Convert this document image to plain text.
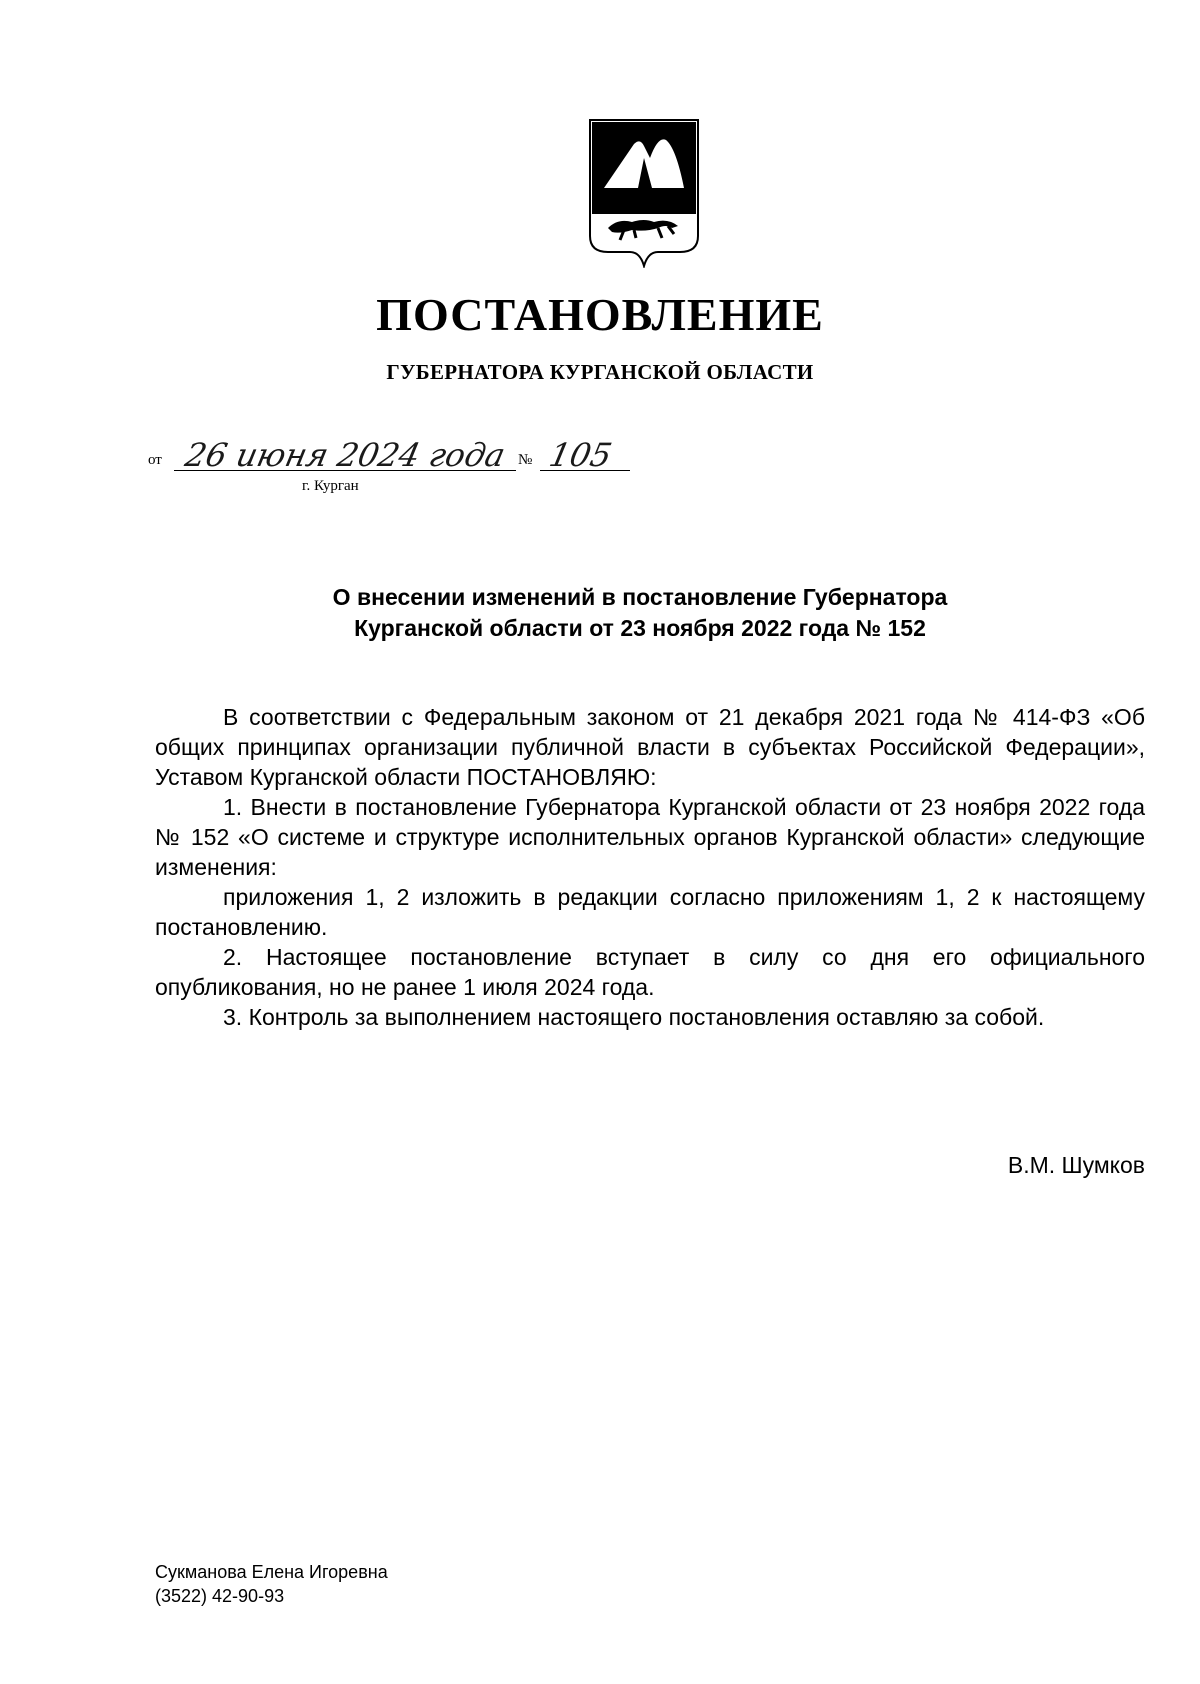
ПОСТАНОВЛЕНИЕ
ГУБЕРНАТОРА КУРГАНСКОЙ ОБЛАСТИ
от 26 июня 2024 года № 105
г. Курган
О внесении изменений в постановление Губернатора
Курганской области от 23 ноября 2022 года № 152

В соответствии с Федеральным законом от 21 декабря 2021 года № 414-ФЗ «Об общих принципах организации публичной власти в субъектах Российской Федерации», Уставом Курганской области ПОСТАНОВЛЯЮ:

1. Внести в постановление Губернатора Курганской области от 23 ноября 2022 года № 152 «О системе и структуре исполнительных органов Курганской области» следующие изменения:

приложения 1, 2 изложить в редакции согласно приложениям 1, 2 к настоящему постановлению.

2. Настоящее постановление вступает в силу со дня его официального опубликования, но не ранее 1 июля 2024 года.

3. Контроль за выполнением настоящего постановления оставляю за собой.

В.М. Шумков
Сукманова Елена Игоревна
(3522) 42-90-93
